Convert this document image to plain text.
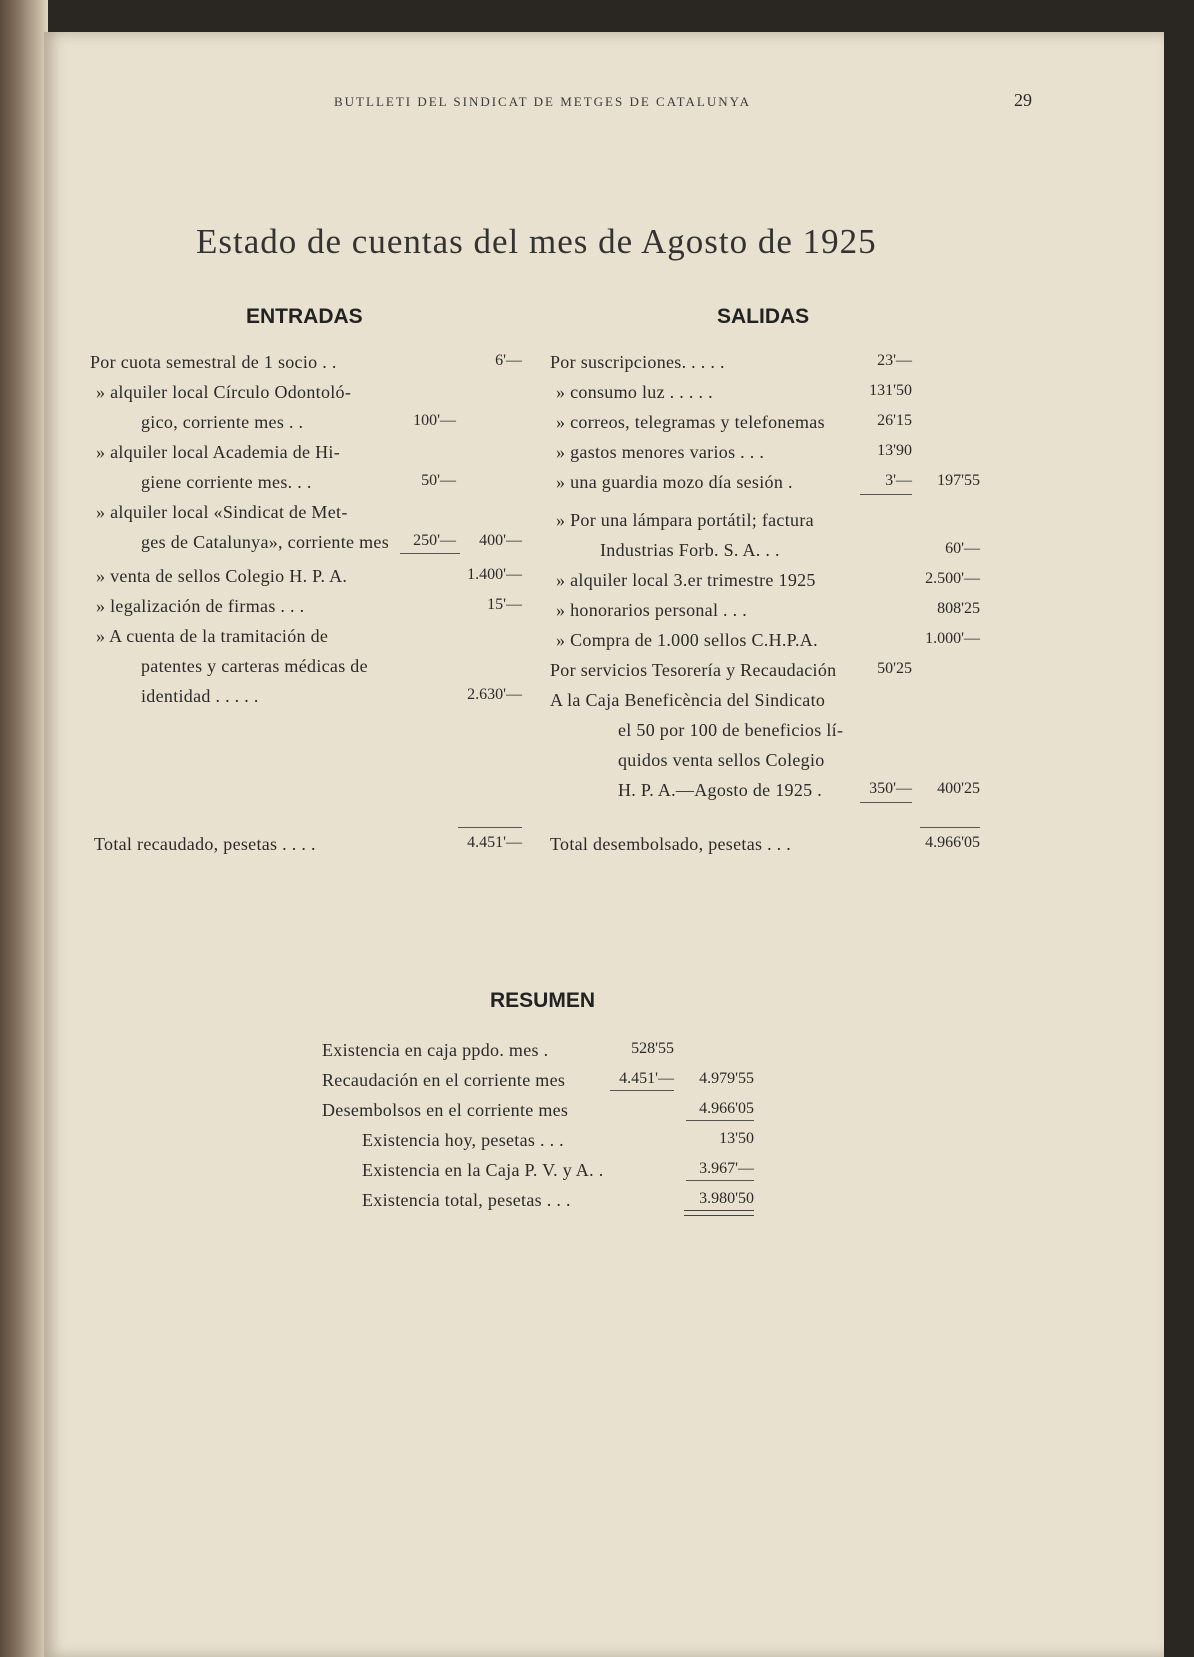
BUTLLETI DEL SINDICAT DE METGES DE CATALUNYA	29
Estado de cuentas del mes de Agosto de 1925
ENTRADAS
Por cuota semestral de 1 socio . .	6'—
» alquiler local Círculo Odontoló-
gico, corriente mes . .	100'—
» alquiler local Academia de Hi-
giene corriente mes. . .	50'—
» alquiler local «Sindicat de Met-
ges de Catalunya», corriente mes	250'—	400'—
» venta de sellos Colegio H. P. A.	1.400'—
» legalización de firmas . . .	15'—
» A cuenta de la tramitación de
patentes y carteras médicas de
identidad . . . . .	2.630'—
Total recaudado, pesetas . . . .	4.451'—
SALIDAS
Por suscripciones. . . . .	23'—
» consumo luz . . . . .	131'50
» correos, telegramas y telefonemas	26'15
» gastos menores varios . . .	13'90
» una guardia mozo día sesión .	3'—	197'55
» Por una lámpara portátil; factura
Industrias Forb. S. A. . .	60'—
» alquiler local 3.er trimestre 1925	2.500'—
» honorarios personal . . .	808'25
» Compra de 1.000 sellos C.H.P.A.	1.000'—
Por servicios Tesorería y Recaudación	50'25
A la Caja Beneficència del Sindicato
el 50 por 100 de beneficios lí-
quidos venta sellos Colegio
H. P. A.—Agosto de 1925 .	350'—	400'25
Total desembolsado, pesetas . . .	4.966'05
RESUMEN
Existencia en caja ppdo. mes .	528'55
Recaudación en el corriente mes	4.451'—	4.979'55
Desembolsos en el corriente mes	4.966'05
Existencia hoy, pesetas . . .	13'50
Existencia en la Caja P. V. y A. .	3.967'—
Existencia total, pesetas . . .	3.980'50
